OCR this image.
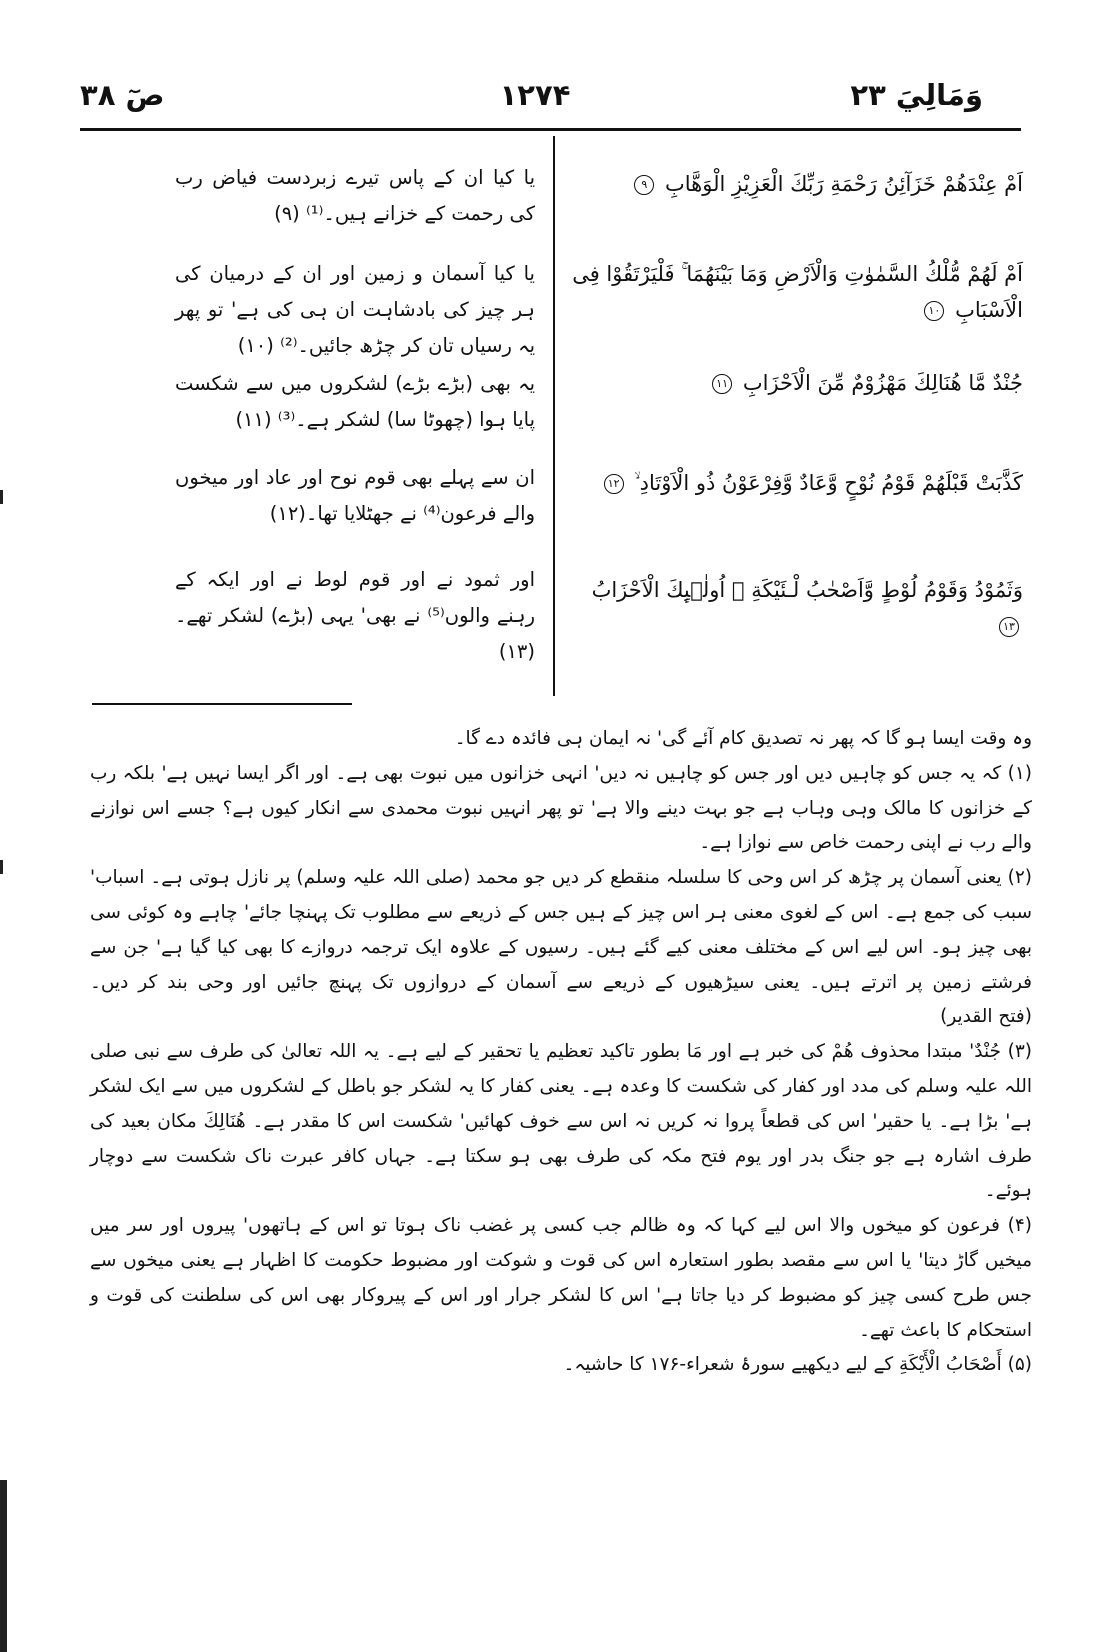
صٓ ۳۸	۱۲۷۴	وَمَالِيَ ۲۳
اَمْ عِنْدَهُمْ خَزَآئِنُ رَحْمَةِ رَبِّكَ الْعَزِيْزِ الْوَهَّابِ ۹
اَمْ لَهُمْ مُّلْكُ السَّمٰوٰتِ وَالْاَرْضِ وَمَا بَيْنَهُمَا ۚ فَلْيَرْتَقُوْا فِى الْاَسْبَابِ ۱۰
جُنْدٌ مَّا هُنَالِكَ مَهْزُوْمٌ مِّنَ الْاَحْزَابِ ۱۱
كَذَّبَتْ قَبْلَهُمْ قَوْمُ نُوْحٍ وَّعَادٌ وَّفِرْعَوْنُ ذُو الْاَوْتَادِ ۙ ۱۲
وَثَمُوْدُ وَقَوْمُ لُوْطٍ وَّاَصْحٰبُ لْـئَيْكَةِ ۭ اُولٰۗىِٕكَ الْاَحْزَابُ ۱۳
یا کیا ان کے پاس تیرے زبردست فیاض رب کی رحمت کے خزانے ہیں۔⁽¹⁾ (۹)
یا کیا آسمان و زمین اور ان کے درمیان کی ہر چیز کی بادشاہت ان ہی کی ہے' تو پھر یہ رسیاں تان کر چڑھ جائیں۔⁽²⁾ (۱۰)
یہ بھی (بڑے بڑے) لشکروں میں سے شکست پایا ہوا (چھوٹا سا) لشکر ہے۔⁽³⁾ (۱۱)
ان سے پہلے بھی قوم نوح اور عاد اور میخوں والے فرعون⁽⁴⁾ نے جھٹلایا تھا۔(۱۲)
اور ثمود نے اور قوم لوط نے اور ایکہ کے رہنے والوں⁽⁵⁾ نے بھی' یہی (بڑے) لشکر تھے۔(۱۳)

وہ وقت ایسا ہو گا کہ پھر نہ تصدیق کام آئے گی' نہ ایمان ہی فائدہ دے گا۔

(۱) کہ یہ جس کو چاہیں دیں اور جس کو چاہیں نہ دیں' انہی خزانوں میں نبوت بھی ہے۔ اور اگر ایسا نہیں ہے' بلکہ رب کے خزانوں کا مالک وہی وہاب ہے جو بہت دینے والا ہے' تو پھر انہیں نبوت محمدی سے انکار کیوں ہے؟ جسے اس نوازنے والے رب نے اپنی رحمت خاص سے نوازا ہے۔

(۲) یعنی آسمان پر چڑھ کر اس وحی کا سلسلہ منقطع کر دیں جو محمد (صلی اللہ علیہ وسلم) پر نازل ہوتی ہے۔ اسباب' سبب کی جمع ہے۔ اس کے لغوی معنی ہر اس چیز کے ہیں جس کے ذریعے سے مطلوب تک پہنچا جائے' چاہے وہ کوئی سی بھی چیز ہو۔ اس لیے اس کے مختلف معنی کیے گئے ہیں۔ رسیوں کے علاوہ ایک ترجمہ دروازے کا بھی کیا گیا ہے' جن سے فرشتے زمین پر اترتے ہیں۔ یعنی سیڑھیوں کے ذریعے سے آسمان کے دروازوں تک پہنچ جائیں اور وحی بند کر دیں۔ (فتح القدیر)

(۳) جُنْدٌ' مبتدا محذوف هُمْ کی خبر ہے اور مَا بطور تاکید تعظیم یا تحقیر کے لیے ہے۔ یہ اللہ تعالیٰ کی طرف سے نبی صلی اللہ علیہ وسلم کی مدد اور کفار کی شکست کا وعدہ ہے۔ یعنی کفار کا یہ لشکر جو باطل کے لشکروں میں سے ایک لشکر ہے' بڑا ہے۔ یا حقیر' اس کی قطعاً پروا نہ کریں نہ اس سے خوف کھائیں' شکست اس کا مقدر ہے۔ هُنَالِكَ مکان بعید کی طرف اشارہ ہے جو جنگ بدر اور یوم فتح مکہ کی طرف بھی ہو سکتا ہے۔ جہاں کافر عبرت ناک شکست سے دوچار ہوئے۔

(۴) فرعون کو میخوں والا اس لیے کہا کہ وہ ظالم جب کسی پر غضب ناک ہوتا تو اس کے ہاتھوں' پیروں اور سر میں میخیں گاڑ دیتا' یا اس سے مقصد بطور استعارہ اس کی قوت و شوکت اور مضبوط حکومت کا اظہار ہے یعنی میخوں سے جس طرح کسی چیز کو مضبوط کر دیا جاتا ہے' اس کا لشکر جرار اور اس کے پیروکار بھی اس کی سلطنت کی قوت و استحکام کا باعث تھے۔

(۵) أَصْحَابُ الْأَيْكَةِ کے لیے دیکھیے سورۂ شعراء-۱۷۶ کا حاشیہ۔
